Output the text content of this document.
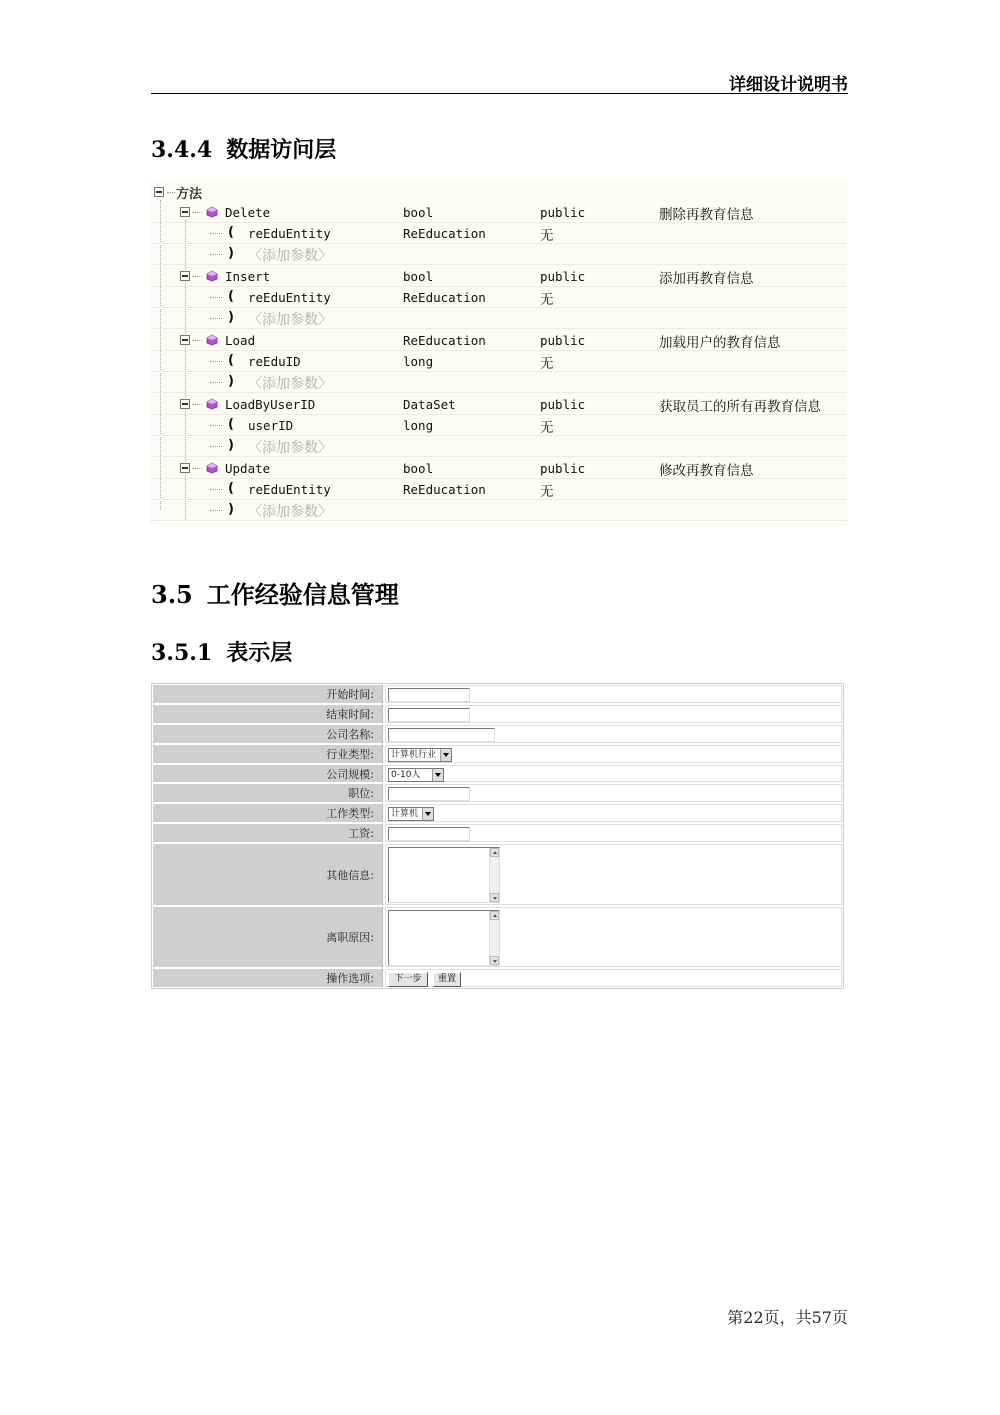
详细设计说明书
3.4.4 数据访问层
方法
Delete	bool	public	删除再教育信息
( reEduEntity	ReEducation	无
) 〈添加参数〉
Insert	bool	public	添加再教育信息
( reEduEntity	ReEducation	无
) 〈添加参数〉
Load	ReEducation	public	加载用户的教育信息
( reEduID	long	无
) 〈添加参数〉
LoadByUserID	DataSet	public	获取员工的所有再教育信息
( userID	long	无
) 〈添加参数〉
Update	bool	public	修改再教育信息
( reEduEntity	ReEducation	无
) 〈添加参数〉
3.5 工作经验信息管理
3.5.1 表示层
开始时间:
结束时间:
公司名称:
行业类型:	计算机行业
公司规模:	0-10人
职位:
工作类型:	计算机
工资:
其他信息:
离职原因:
操作选项:	下一步	重置
第22页，共57页
